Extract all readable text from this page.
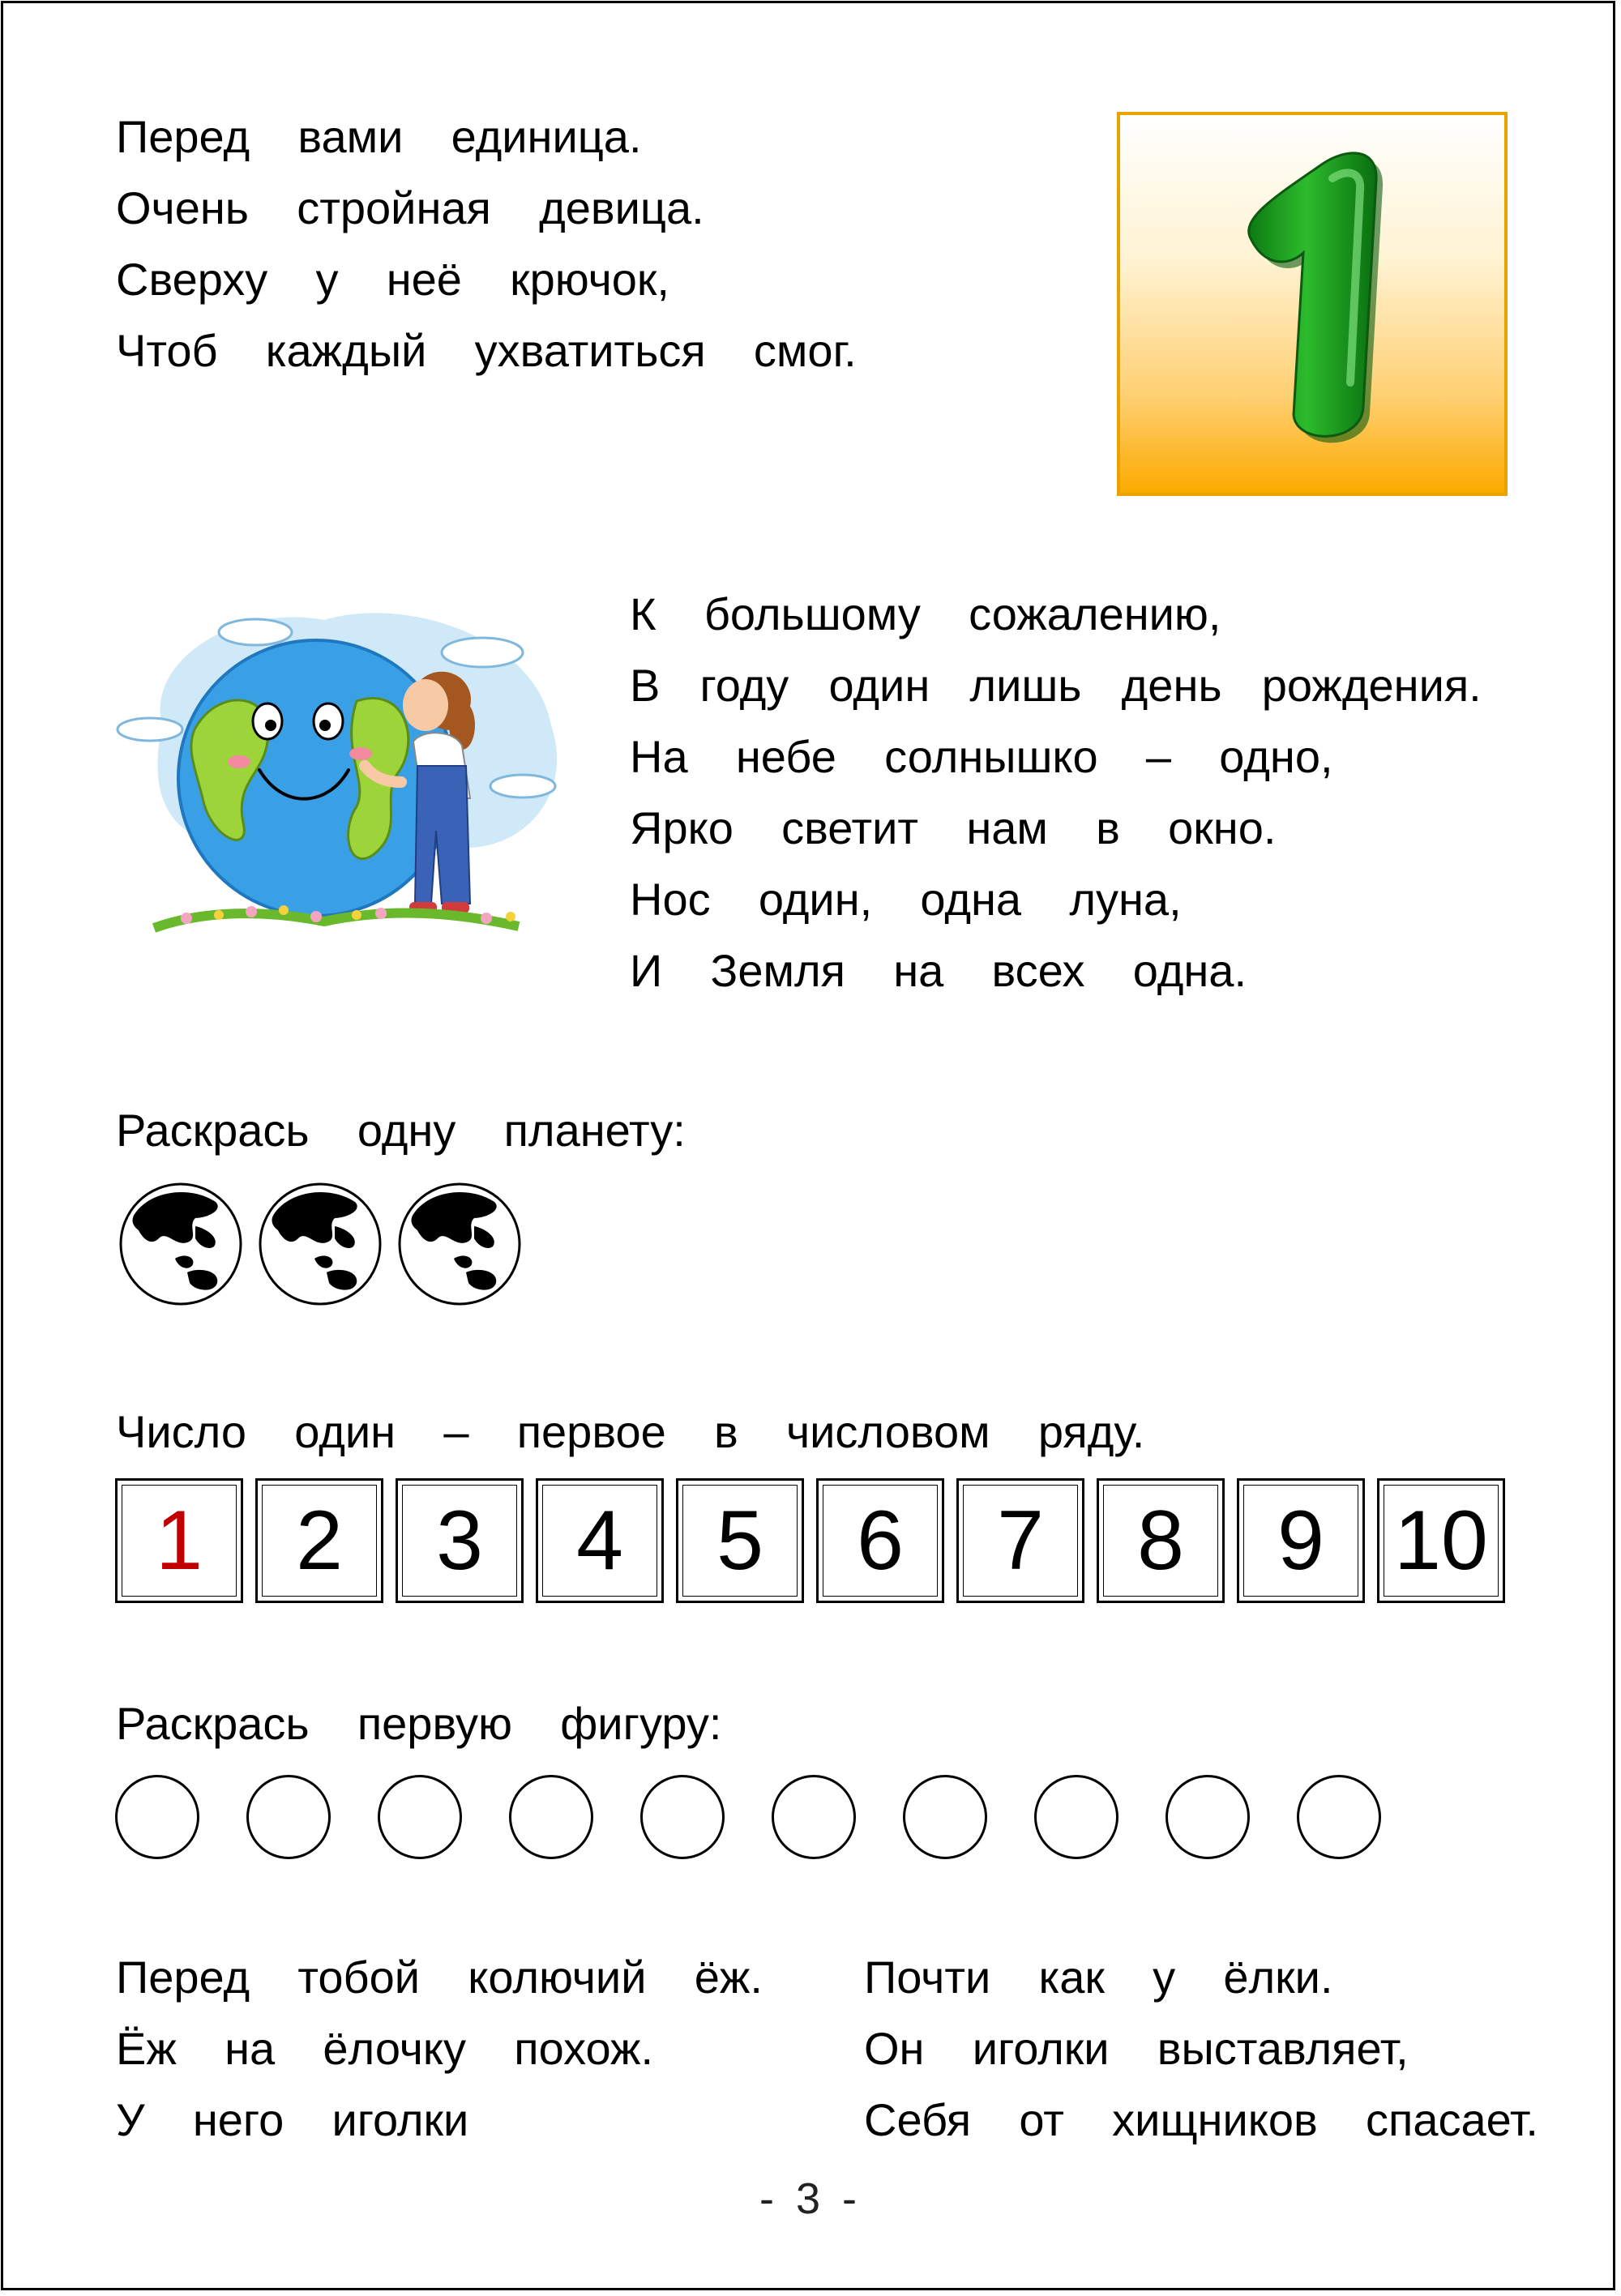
Перед вами единица.
Очень стройная девица.
Сверху у неё крючок,
Чтоб каждый ухватиться смог.
К большому сожалению,
В году один лишь день рождения.
На небе солнышко – одно,
Ярко светит нам в окно.
Нос один, одна луна,
И Земля на всех одна.
Раскрась одну планету:
Число один – первое в числовом ряду.
1 2 3 4 5 6 7 8 9 10
Раскрась первую фигуру:
Перед тобой колючий ёж.
Ёж на ёлочку похож.
У него иголки
Почти как у ёлки.
Он иголки выставляет,
Себя от хищников спасает.
- 3 -
